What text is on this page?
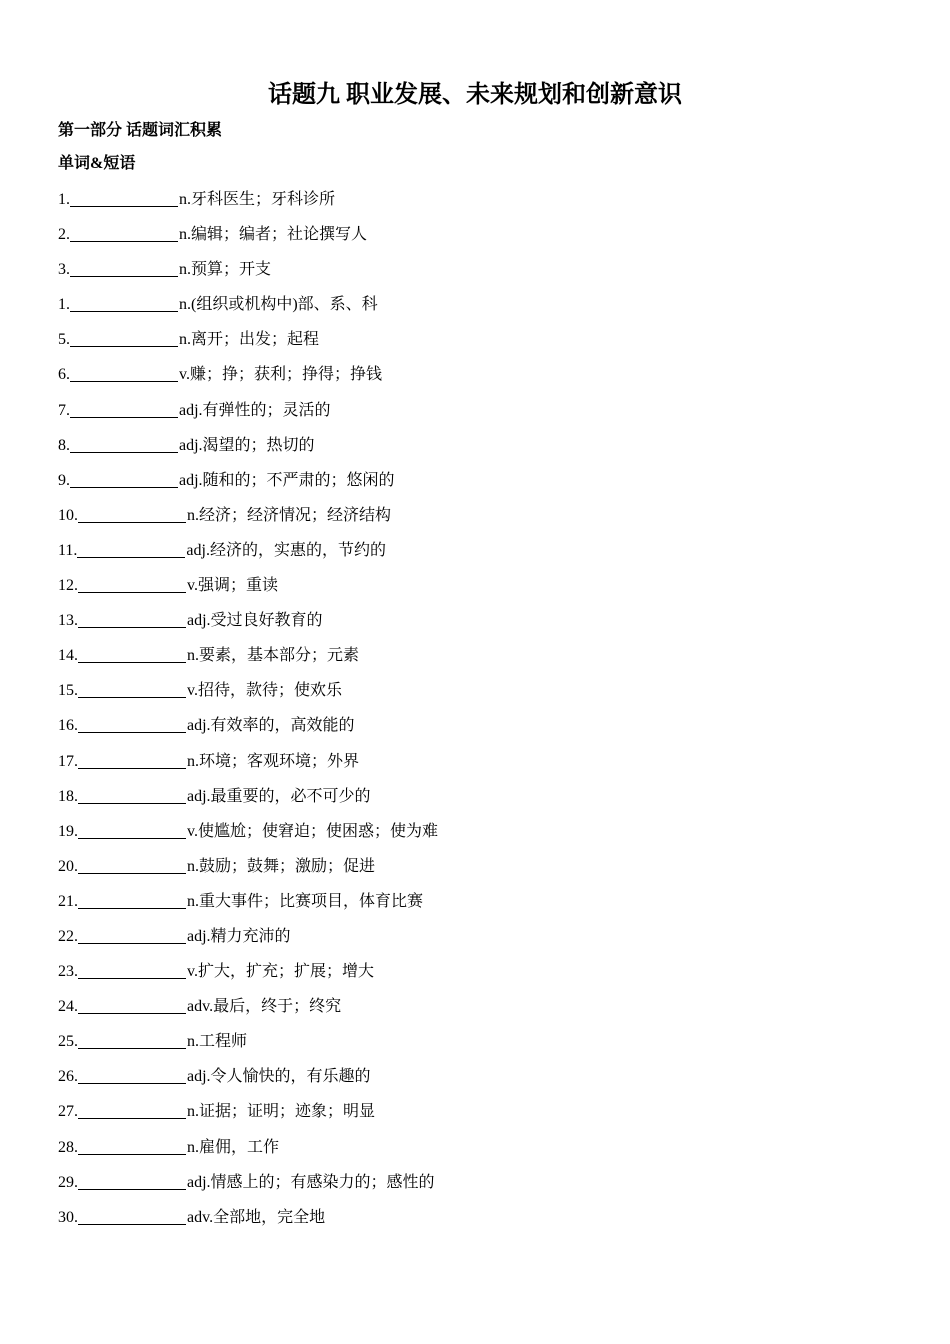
话题九 职业发展、未来规划和创新意识
第一部分 话题词汇积累
单词&短语
1.	n.牙科医生；牙科诊所
2.	n.编辑；编者；社论撰写人
3.	n.预算；开支
1.	n.(组织或机构中)部、系、科
5.	n.离开；出发；起程
6.	v.赚；挣；获利；挣得；挣钱
7.	adj.有弹性的；灵活的
8.	adj.渴望的；热切的
9.	adj.随和的；不严肃的；悠闲的
10.	n.经济；经济情况；经济结构
11.	adj.经济的，实惠的，节约的
12.	v.强调；重读
13.	adj.受过良好教育的
14.	n.要素，基本部分；元素
15.	v.招待，款待；使欢乐
16.	adj.有效率的，高效能的
17.	n.环境；客观环境；外界
18.	adj.最重要的，必不可少的
19.	v.使尴尬；使窘迫；使困惑；使为难
20.	n.鼓励；鼓舞；激励；促进
21.	n.重大事件；比赛项目，体育比赛
22.	adj.精力充沛的
23.	v.扩大，扩充；扩展；增大
24.	adv.最后，终于；终究
25.	n.工程师
26.	adj.令人愉快的，有乐趣的
27.	n.证据；证明；迹象；明显
28.	n.雇佣，工作
29.	adj.情感上的；有感染力的；感性的
30.	adv.全部地，完全地
